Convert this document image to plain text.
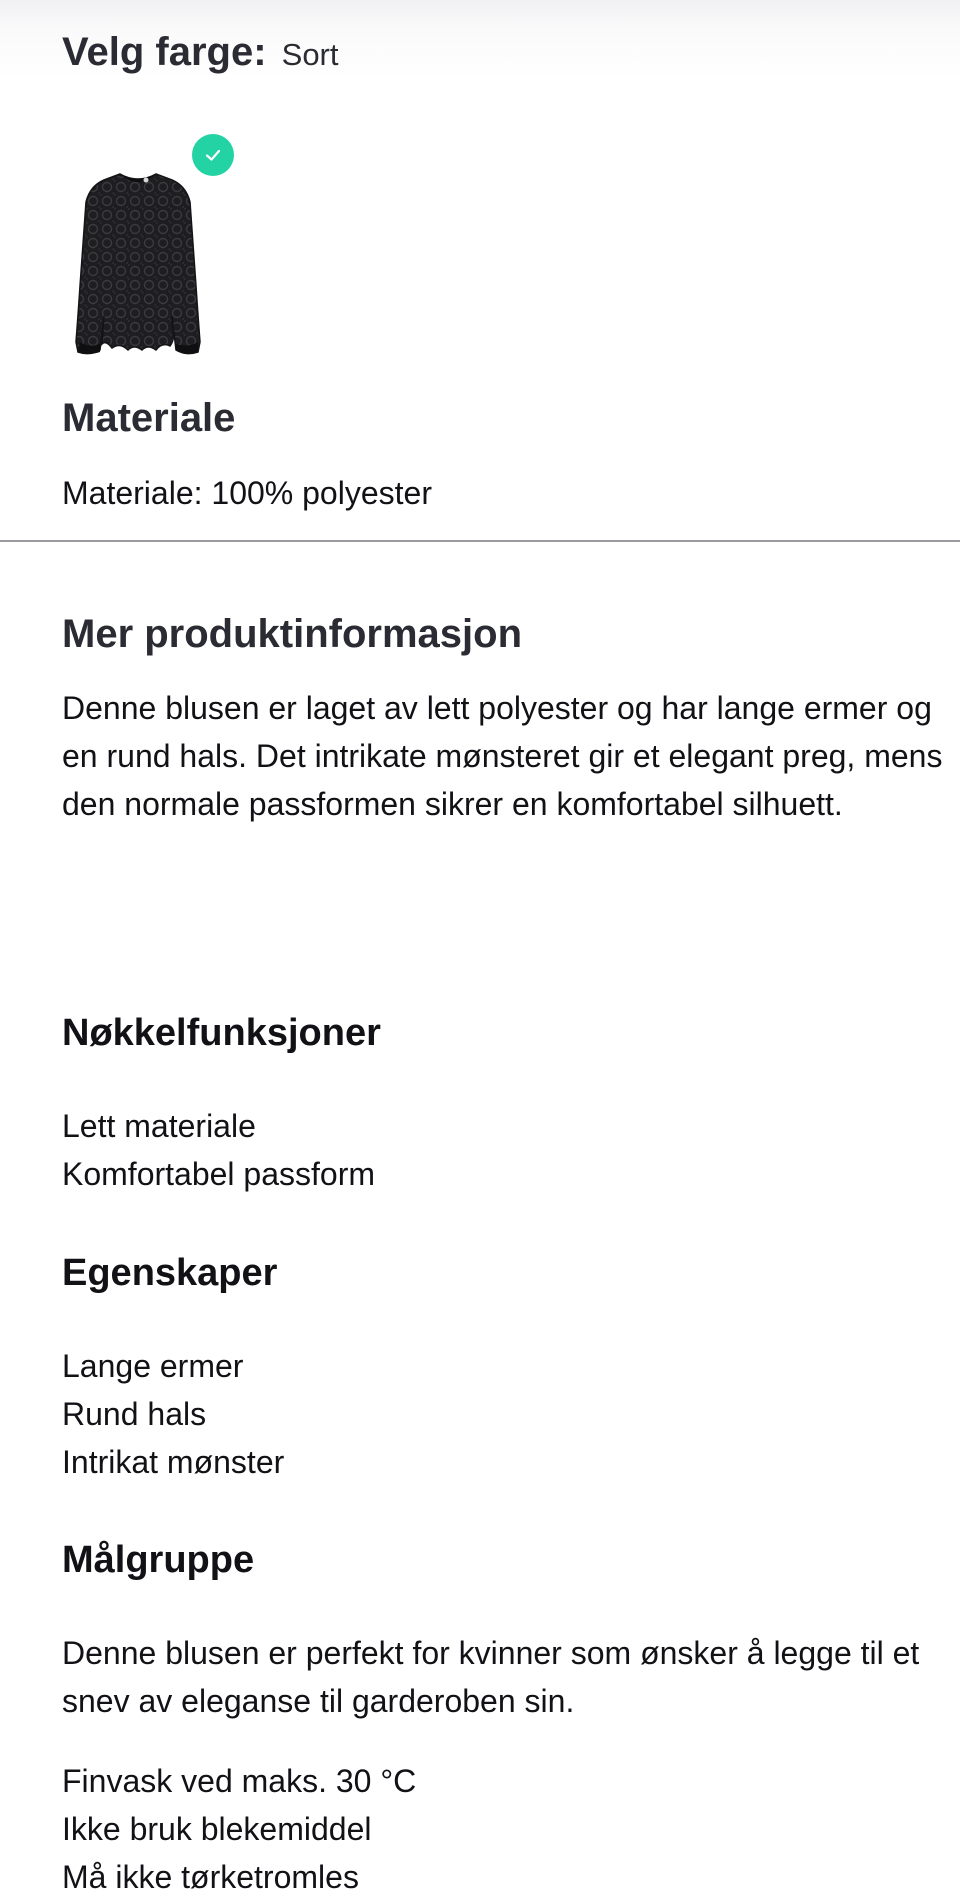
Velg farge: Sort
Materiale

Materiale: 100% polyester

Mer produktinformasjon

Denne blusen er laget av lett polyester og har lange ermer og en rund hals. Det intrikate mønsteret gir et elegant preg, mens den normale passformen sikrer en komfortabel silhuett.

Nøkkelfunksjoner
Lett materiale
Komfortabel passform
Egenskaper
Lange ermer
Rund hals
Intrikat mønster
Målgruppe

Denne blusen er perfekt for kvinner som ønsker å legge til et snev av eleganse til garderoben sin.

Finvask ved maks. 30 °C
Ikke bruk blekemiddel
Må ikke tørketromles
